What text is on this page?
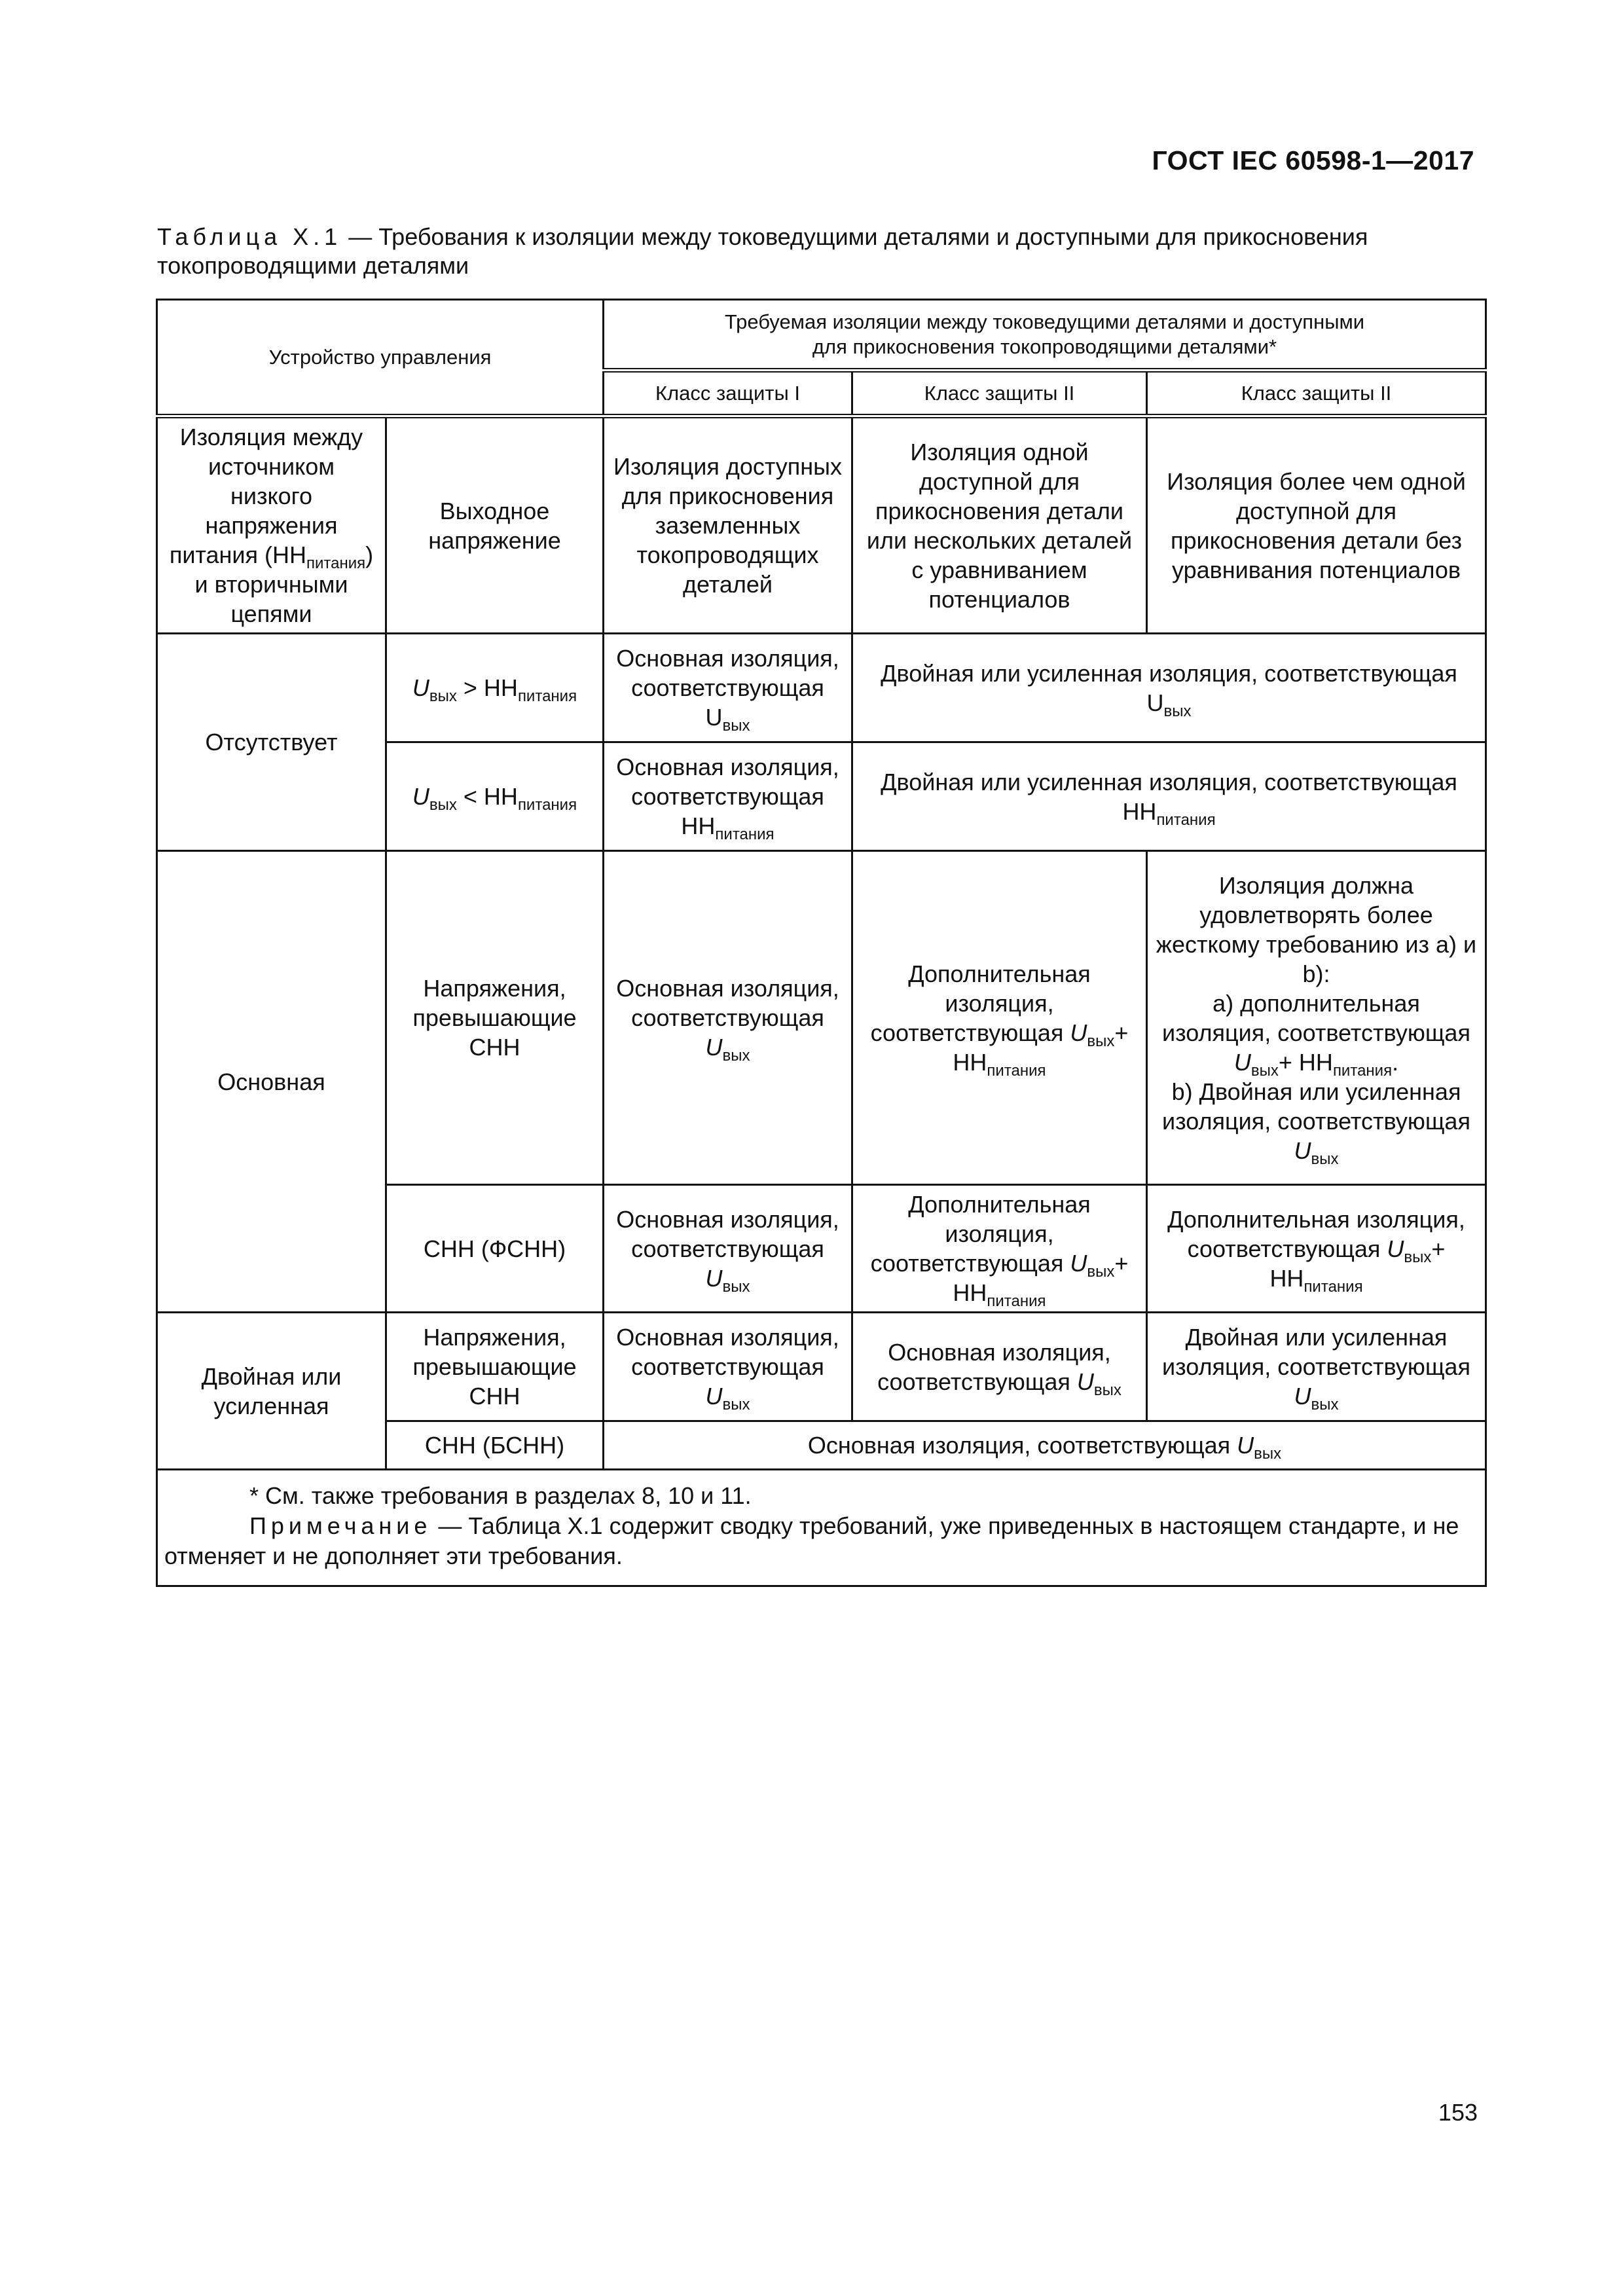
ГОСТ IEC 60598-1—2017
Таблица X.1 — Требования к изоляции между токоведущими деталями и доступными для прикосновения токопроводящими деталями
Устройство управления		Требуемая изоляции между токоведущими деталями и доступными
для прикосновения токопроводящими деталями*		

		Класс защиты I	Класс защиты II	Класс защиты II
Изоляция между источником низкого напряжения питания $(НН_{питания})$ и вторичными цепями	Выходное напряжение	Изоляция доступных для прикосновения заземленных токопроводящих деталей	Изоляция одной доступной для прикосновения детали или нескольких деталей с уравниванием потенциалов	Изоляция более чем одной доступной для прикосновения детали без уравнивания потенциалов
Отсутствует	$U_{вых} > НН_{питания}$	Основная изоляция, соответствующая $U_{вых}$	Двойная или усиленная изоляция, соответствующая $U_{вых}$
	$U_{вых} < НН_{питания}$	Основная изоляция, соответствующая $НН_{питания}$	Двойная или усиленная изоляция, соответствующая $НН_{питания}$
Основная	Напряжения, превышающие СНН	Основная изоляция, соответствующая $U_{вых}$	Дополнительная изоляция, соответствующая $U_{вых}+ НН_{питания}$	Изоляция должна удовлетворять более жесткому требованию из а) и b):

а) дополнительная изоляция, соответствующая $U_{вых}+ НН_{питания}$.

b) Двойная или усиленная изоляция, соответствующая $U_{вых}$

	СНН (ФСНН)	Основная изоляция, соответствующая $U_{вых}$	Дополнительная изоляция, соответствующая $U_{вых}+ НН_{питания}$	Дополнительная изоляция, соответствующая $U_{вых}+ НН_{питания}$
Двойная или усиленная	Напряжения, превышающие СНН	Основная изоляция, соответствующая $U_{вых}$	Основная изоляция, соответствующая $U_{вых}$	Двойная или усиленная изоляция, соответствующая $U_{вых}$
	СНН (БСНН)	Основная изоляция, соответствующая $U_{вых}$

* См. также требования в разделах 8, 10 и 11.
Примечание — Таблица X.1 содержит сводку требований, уже приведенных в настоящем стандарте, и не отменяет и не дополняет эти требования.				
153
